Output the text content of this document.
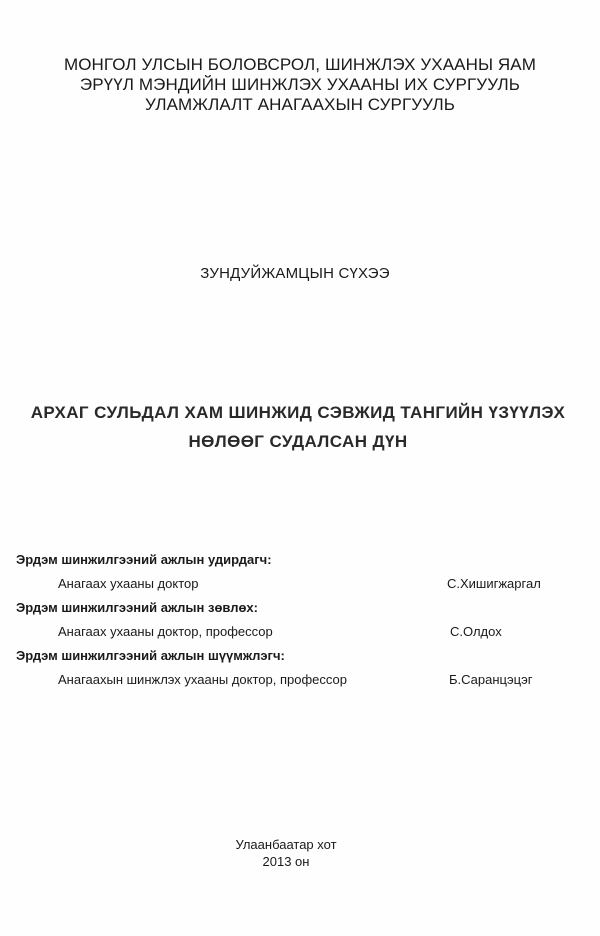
МОНГОЛ УЛСЫН БОЛОВСРОЛ, ШИНЖЛЭХ УХААНЫ ЯАМ
ЭРҮҮЛ МЭНДИЙН ШИНЖЛЭХ УХААНЫ ИХ СУРГУУЛЬ
УЛАМЖЛАЛТ АНАГААХЫН СУРГУУЛЬ
ЗУНДУЙЖАМЦЫН СҮХЭЭ
АРХАГ СУЛЬДАЛ ХАМ ШИНЖИД СЭВЖИД ТАНГИЙН ҮЗҮҮЛЭХ
НӨЛӨӨГ СУДАЛСАН ДҮН
Эрдэм шинжилгээний ажлын удирдагч:
Анагаах ухааны доктор	С.Хишигжаргал
Эрдэм шинжилгээний ажлын зөвлөх:
Анагаах ухааны доктор, профессор	С.Олдох
Эрдэм шинжилгээний ажлын шүүмжлэгч:
Анагаахын шинжлэх ухааны доктор, профессор	Б.Саранцэцэг
Улаанбаатар хот
2013 он
